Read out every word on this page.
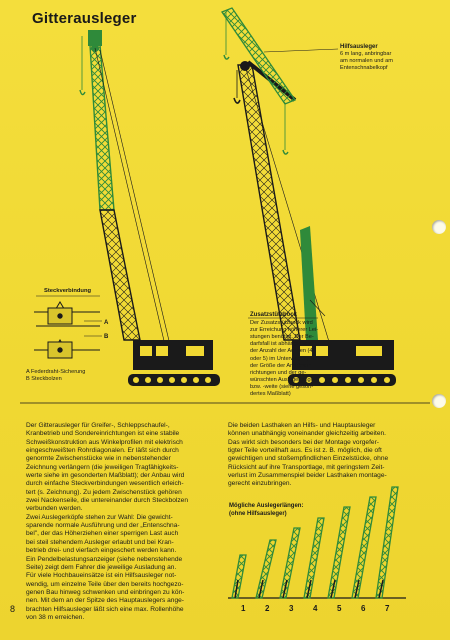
Gitterausleger
Hilfsausleger
6 m lang, anbringbar
am normalen und am
Entenschnabelkopf
Zusatzstützbock
Der Zusatzstützbock wird
zur Erreichung höherer Lei-
stungen benötigt. Der Be-
darfsfall ist abhängig von
der Anzahl der Achsen (4
oder 5) im Unterwagen, von
der Größe der Arbeitsein-
richtungen und der ge-
wünschten Auslegerlänge
bzw. -weite (siehe geson-
dertes Maßblatt)
Steckverbindung
A
B
A Federdraht-Sicherung
B Steckbolzen

Der Gitterausleger für Greifer-, Schleppschaufel-,

Kranbetrieb und Sondereinrichtungen ist eine stabile

Schweißkonstruktion aus Winkelprofilen mit elektrisch

eingeschweißten Rohrdiagonalen. Er läßt sich durch

genormte Zwischenstücke wie in nebenstehender

Zeichnung verlängern (die jeweiligen Tragfähigkeits-

werte siehe im gesonderten Maßblatt); der Anbau wird

durch einfache Steckverbindungen wesentlich erleich-

tert (s. Zeichnung). Zu jedem Zwischenstück gehören

zwei Nackenseile, die untereinander durch Steckbolzen

verbunden werden.

Zwei Auslegerköpfe stehen zur Wahl: Die gewicht-

sparende normale Ausführung und der „Entenschna-

bel", der das Höherziehen einer sperrigen Last auch

bei steil stehendem Ausleger erlaubt und bei Kran-

betrieb drei- und vierfach eingeschert werden kann.

Ein Pendelbelastungsanzeiger (siehe nebenstehende

Seite) zeigt dem Fahrer die jeweilige Ausladung an.

Für viele Hochbaueinsätze ist ein Hilfsausleger not-

wendig, um einzelne Teile über den bereits hochgezo-

genen Bau hinweg schwenken und einbringen zu kön-

nen. Mit dem an der Spitze des Hauptauslegers ange-

brachten Hilfsausleger läßt sich eine max. Rollenhöhe

von 38 m erreichen.

Die beiden Lasthaken an Hilfs- und Hauptausleger

können unabhängig voneinander gleichzeitig arbeiten.

Das wirkt sich besonders bei der Montage vorgefer-

tigter Teile vorteilhaft aus. Es ist z. B. möglich, die oft

gewichtigen und stoßempfindlichen Einzelstücke, ohne

Rücksicht auf ihre Transportlage, mit geringstem Zeit-

verlust im Zusammenspiel beider Lasthaken montage-

gerecht einzubringen.

Mögliche Auslegerlängen:
(ohne Hilfsausleger)
1 2 3 4 5 6 7
8
